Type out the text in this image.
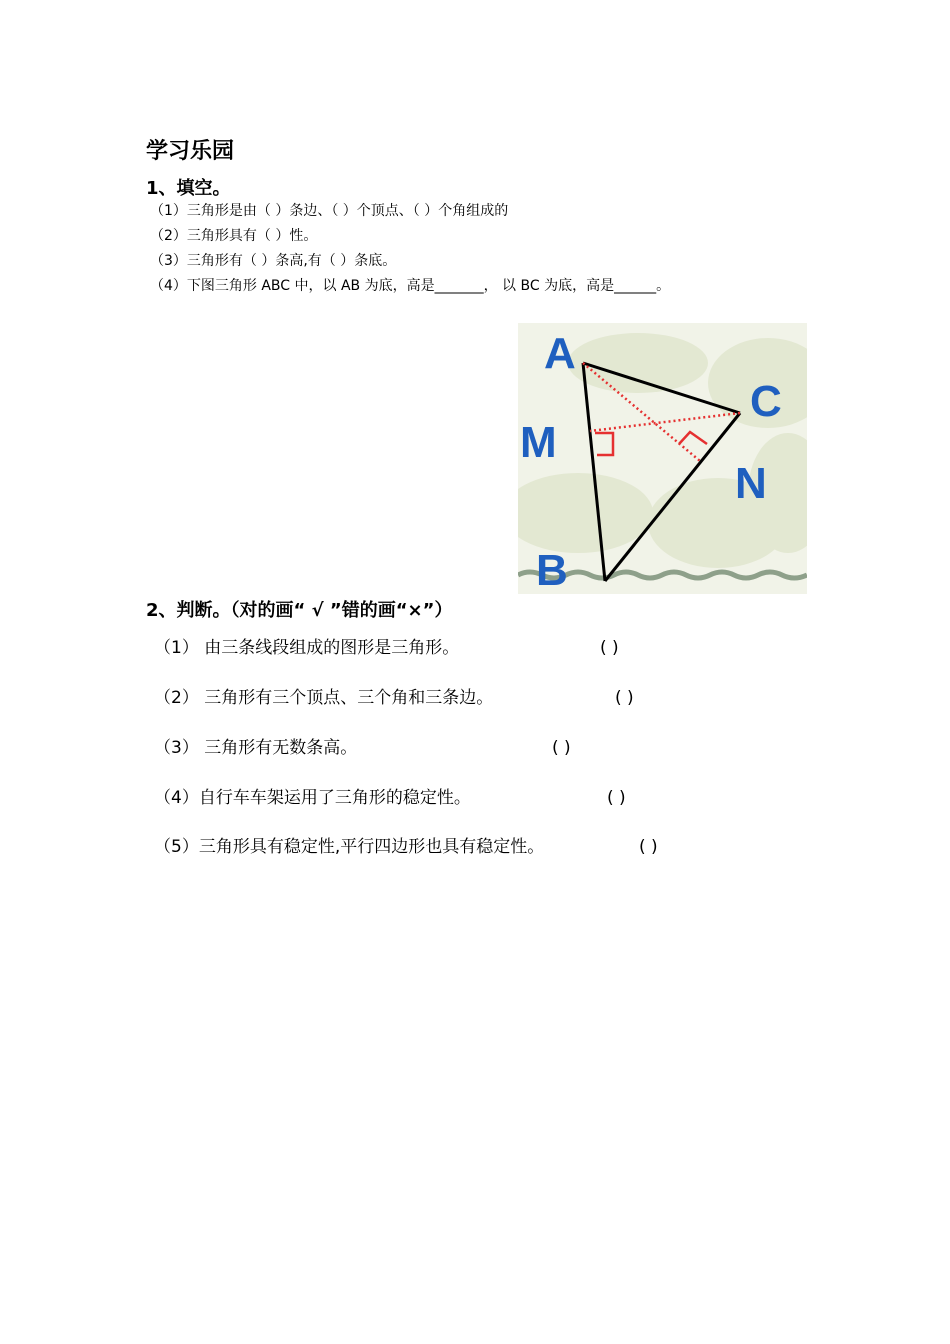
学习乐园
1、填空。
（1）三角形是由（ ）条边、（ ）个顶点、（ ）个角组成的
（2）三角形具有（ ）性。
（3）三角形有（ ）条高,有（ ）条底。
（4）下图三角形 ABC 中，以 AB 为底，高是_______， 以 BC 为底，高是______。
A
C
M
N
B
2、判断。（对的画“ √ ”错的画“×”）
（1） 由三条线段组成的图形是三角形。	( )
（2） 三角形有三个顶点、三个角和三条边。	( )
（3） 三角形有无数条高。	( )
（4）自行车车架运用了三角形的稳定性。	( )
（5）三角形具有稳定性,平行四边形也具有稳定性。	( )
